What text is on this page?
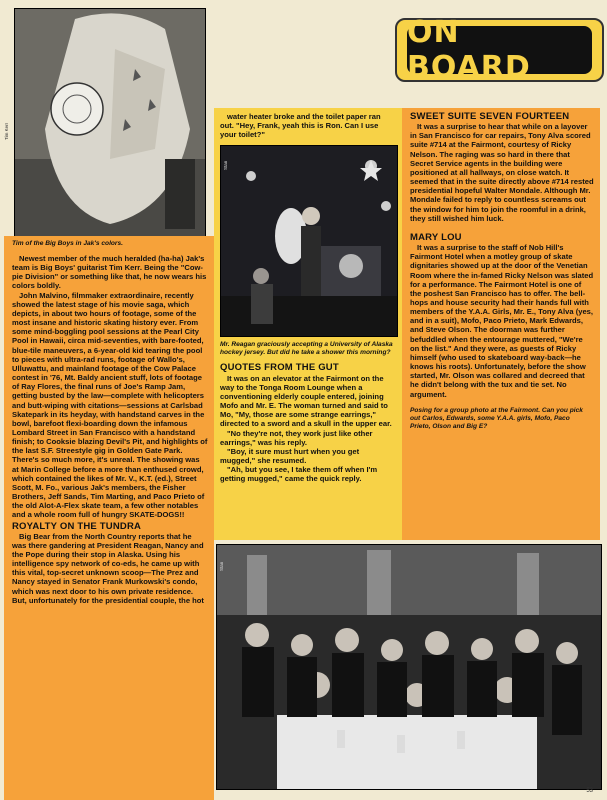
Tim Kerr
ON BOARD
Tim of the Big Boys in Jak's colors.

Newest member of the much heralded (ha-ha) Jak's team is Big Boys' guitarist Tim Kerr. Being the "Cow-pie Division" or something like that, he now wears his colors boldly.

John Malvino, filmmaker extraordinaire, recently showed the latest stage of his movie saga, which depicts, in about two hours of footage, some of the most insane and historic skating history ever. From some mind-boggling pool sessions at the Pearl City Pool in Hawaii, circa mid-seventies, with bare-footed, blue-tile maneuvers, a 6-year-old kid tearing the pool to pieces with ultra-rad runs, footage of Wallo's, Ulluwattu, and mainland footage of the Cow Palace contest in '76, Mt. Baldy ancient stuff, lots of footage of Ray Flores, the final runs of Joe's Ramp Jam, getting busted by the law—complete with helicopters and butt-wiping with citations—sessions at Carlsbad Skatepark in its heyday, with handstand carves in the bowl, barefoot flexi-boarding down the infamous Lombard Street in San Francisco with a handstand finish; to Cooksie blazing Devil's Pit, and highlights of the last S.F. Streestyle gig in Golden Gate Park. There's so much more, it's unreal. The showing was at Marin College before a more than enthused crowd, which contained the likes of Mr. V., K.T. (ed.), Street Scott, M. Fo., various Jak's members, the Fisher Brothers, Jeff Sands, Tim Marting, and Paco Prieto of the old Alot-A-Flex skate team, a few other notables and a whole room full of hungry SKATE-DOGS!!

ROYALTY ON THE TUNDRA

Big Bear from the North Country reports that he was there gandering at President Reagan, Nancy and the Pope during their stop in Alaska. Using his intelligence spy network of co-eds, he came up with this vital, top-secret unknown scoop—The Prez and Nancy stayed in Senator Frank Murkowski's condo, which was next door to his own private residence. But, unfortunately for the presidential couple, the hot

water heater broke and the toilet paper ran out. "Hey, Frank, yeah this is Ron. Can I use your toilet?"

Stan
Mr. Reagan graciously accepting a University of Alaska hockey jersey. But did he take a shower this morning?
QUOTES FROM THE GUT

It was on an elevator at the Fairmont on the way to the Tonga Room Lounge when a conventioning elderly couple entered, joining Mofo and Mr. E. The woman turned and said to Mo, "My, those are some strange earrings," directed to a sword and a skull in the upper ear.

"No they're not, they work just like other earrings," was his reply.

"Boy, it sure must hurt when you get mugged," she resumed.

"Ah, but you see, I take them off when I'm getting mugged," came the quick reply.

SWEET SUITE SEVEN FOURTEEN

It was a surprise to hear that while on a layover in San Francisco for car repairs, Tony Alva scored suite #714 at the Fairmont, courtesy of Ricky Nelson. The raging was so hard in there that Secret Service agents in the building were positioned at all hallways, on close watch. It seemed that in the suite directly above #714 rested presidential hopeful Walter Mondale. Although Mr. Mondale failed to reply to countless screams out the window for him to join the roomful in a drink, they still wished him luck.

MARY LOU

It was a surprise to the staff of Nob Hill's Fairmont Hotel when a motley group of skate dignitaries showed up at the door of the Venetian Room where the in-famed Ricky Nelson was slated for a performance. The Fairmont Hotel is one of the poshest San Francisco has to offer. The bell-hops and house security had their hands full with members of the Y.A.A. Girls, Mr. E., Tony Alva (yes, and in a suit), Mofo, Paco Prieto, Mark Edwards, and Steve Olson. The doorman was further befuddled when the entourage muttered, "We're on the list." And they were, as guests of Ricky himself (who used to skateboard way-back—he knows his roots). Unfortunately, before the show started, Mr. Olson was collared and decreed that he didn't belong with the tux and tie set. No argument.

Posing for a group photo at the Fairmont. Can you pick out Carlos, Edwards, some Y.A.A. girls, Mofo, Paco Prieto, Olson and Big E?
Stan
53
